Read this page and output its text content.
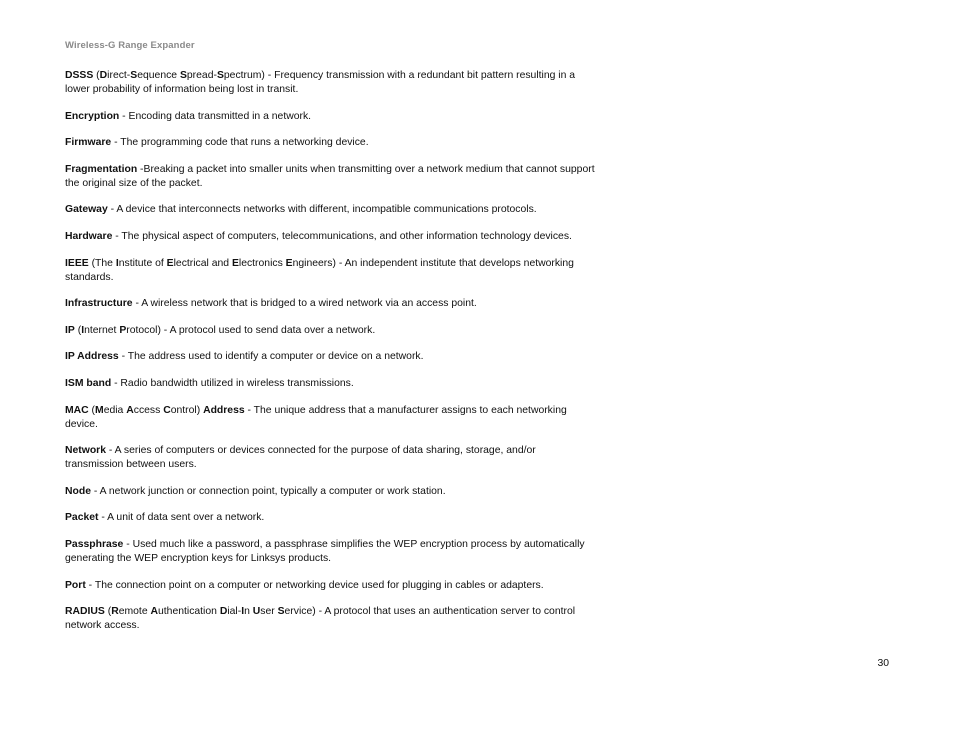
Wireless-G Range Expander
DSSS (Direct-Sequence Spread-Spectrum) - Frequency transmission with a redundant bit pattern resulting in a lower probability of information being lost in transit.
Encryption - Encoding data transmitted in a network.
Firmware - The programming code that runs a networking device.
Fragmentation -Breaking a packet into smaller units when transmitting over a network medium that cannot support the original size of the packet.
Gateway - A device that interconnects networks with different, incompatible communications protocols.
Hardware - The physical aspect of computers, telecommunications, and other information technology devices.
IEEE (The Institute of Electrical and Electronics Engineers) - An independent institute that develops networking standards.
Infrastructure - A wireless network that is bridged to a wired network via an access point.
IP (Internet Protocol) - A protocol used to send data over a network.
IP Address - The address used to identify a computer or device on a network.
ISM band - Radio bandwidth utilized in wireless transmissions.
MAC (Media Access Control) Address - The unique address that a manufacturer assigns to each networking device.
Network - A series of computers or devices connected for the purpose of data sharing, storage, and/or transmission between users.
Node - A network junction or connection point, typically a computer or work station.
Packet - A unit of data sent over a network.
Passphrase - Used much like a password, a passphrase simplifies the WEP encryption process by automatically generating the WEP encryption keys for Linksys products.
Port - The connection point on a computer or networking device used for plugging in cables or adapters.
RADIUS (Remote Authentication Dial-In User Service) - A protocol that uses an authentication server to control network access.
30
